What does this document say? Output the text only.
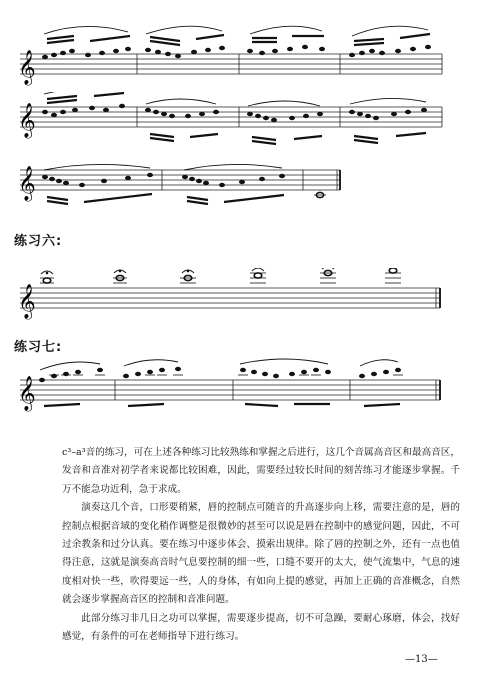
𝄞
𝄞
𝄞
练习六:
𝄞
练习七:
𝄞

c³–a³音的练习，可在上述各种练习比较熟练和掌握之后进行，这几个音属高音区和最高音区，发音和音准对初学者来说都比较困难，因此，需要经过较长时间的刻苦练习才能逐步掌握。千万不能急功近利，急于求成。

演奏这几个音，口形要稍紧，唇的控制点可随音的升高逐步向上移，需要注意的是，唇的控制点根据音域的变化稍作调整是很微妙的甚至可以说是唇在控制中的感觉问题，因此，不可过余教条和过分认真。要在练习中逐步体会、摸索出规律。除了唇的控制之外，还有一点也值得注意，这就是演奏高音时气息要控制的细一些，口缝不要开的太大，使气流集中，气息的速度相对快一些，吹得要远一些，人的身体，有如向上提的感觉，再加上正确的音准概念，自然就会逐步掌握高音区的控制和音准问题。

此部分练习非几日之功可以掌握，需要逐步提高，切不可急躁，要耐心琢磨，体会，找好感觉，有条件的可在老师指导下进行练习。

—13—
